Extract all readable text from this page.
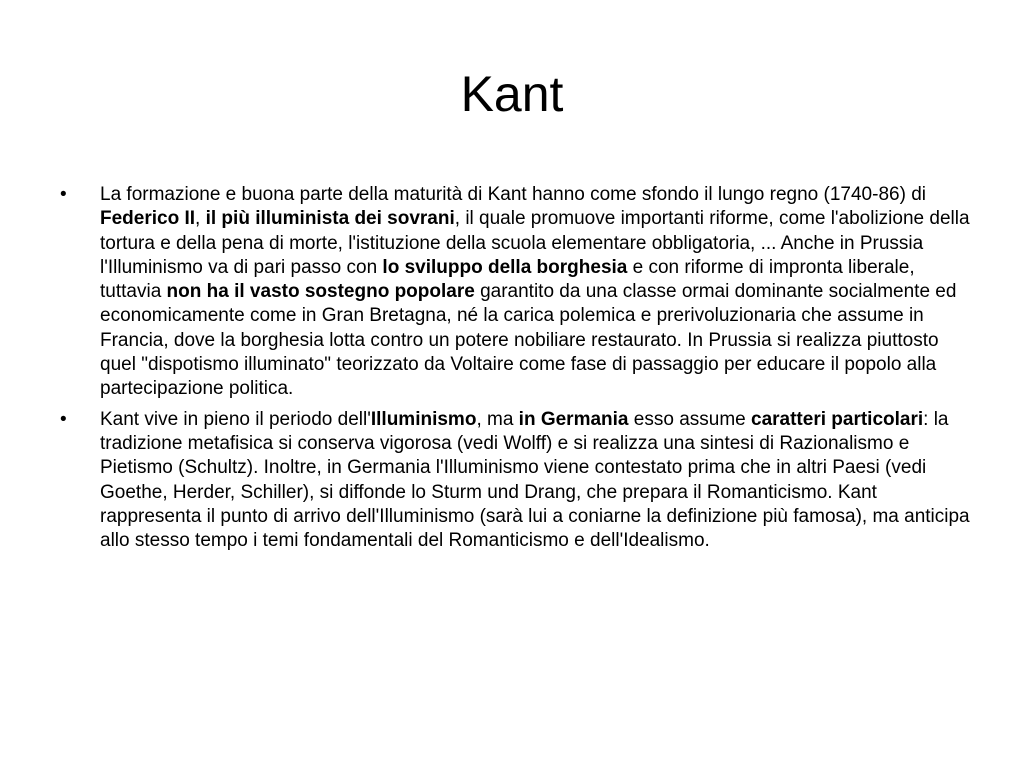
Kant
•	La formazione e buona parte della maturità di Kant hanno come sfondo il lungo regno (1740-86) di Federico II, il più illuminista dei sovrani, il quale promuove importanti riforme, come l'abolizione della tortura e della pena di morte, l'istituzione della scuola elementare obbligatoria, ... Anche in Prussia l'Illuminismo va di pari passo con lo sviluppo della borghesia e con riforme di impronta liberale, tuttavia non ha il vasto sostegno popolare garantito da una classe ormai dominante socialmente ed economicamente come in Gran Bretagna, né la carica polemica e prerivoluzionaria che assume in Francia, dove la borghesia lotta contro un potere nobiliare restaurato. In Prussia si realizza piuttosto quel "dispotismo illuminato" teorizzato da Voltaire come fase di passaggio per educare il popolo alla partecipazione politica.
•	Kant vive in pieno il periodo dell'Illuminismo, ma in Germania esso assume caratteri particolari: la tradizione metafisica si conserva vigorosa (vedi Wolff) e si realizza una sintesi di Razionalismo e Pietismo (Schultz). Inoltre, in Germania l'Illuminismo viene contestato prima che in altri Paesi (vedi Goethe, Herder, Schiller), si diffonde lo Sturm und Drang, che prepara il Romanticismo. Kant rappresenta il punto di arrivo dell'Illuminismo (sarà lui a coniarne la definizione più famosa), ma anticipa allo stesso tempo i temi fondamentali del Romanticismo e dell'Idealismo.
